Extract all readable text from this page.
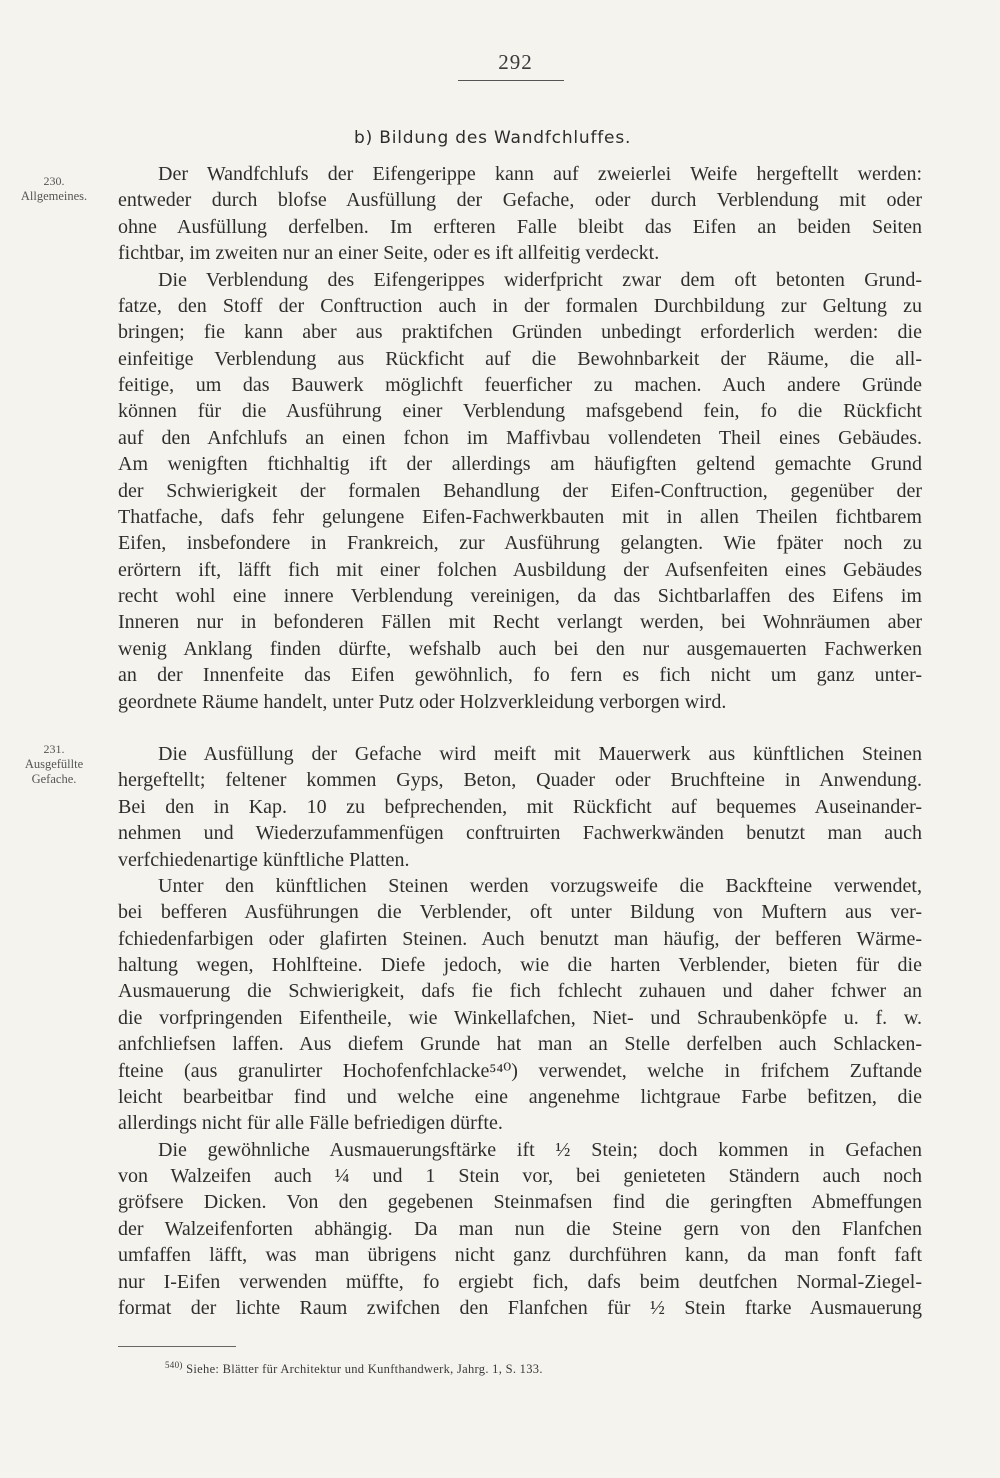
292
b) Bildung des Wandfchluffes.
230.
Allgemeines.
231.
Ausgefüllte
Gefache.
Der Wandfchlufs der Eifengerippe kann auf zweierlei Weife hergeftellt werden:
entweder durch blofse Ausfüllung der Gefache, oder durch Verblendung mit oder
ohne Ausfüllung derfelben. Im erfteren Falle bleibt das Eifen an beiden Seiten
fichtbar, im zweiten nur an einer Seite, oder es ift allfeitig verdeckt.
Die Verblendung des Eifengerippes widerfpricht zwar dem oft betonten Grund-
fatze, den Stoff der Conftruction auch in der formalen Durchbildung zur Geltung zu
bringen; fie kann aber aus praktifchen Gründen unbedingt erforderlich werden: die
einfeitige Verblendung aus Rückficht auf die Bewohnbarkeit der Räume, die all-
feitige, um das Bauwerk möglichft feuerficher zu machen. Auch andere Gründe
können für die Ausführung einer Verblendung mafsgebend fein, fo die Rückficht
auf den Anfchlufs an einen fchon im Maffivbau vollendeten Theil eines Gebäudes.
Am wenigften ftichhaltig ift der allerdings am häufigften geltend gemachte Grund
der Schwierigkeit der formalen Behandlung der Eifen-Conftruction, gegenüber der
Thatfache, dafs fehr gelungene Eifen-Fachwerkbauten mit in allen Theilen fichtbarem
Eifen, insbefondere in Frankreich, zur Ausführung gelangten. Wie fpäter noch zu
erörtern ift, läfft fich mit einer folchen Ausbildung der Aufsenfeiten eines Gebäudes
recht wohl eine innere Verblendung vereinigen, da das Sichtbarlaffen des Eifens im
Inneren nur in befonderen Fällen mit Recht verlangt werden, bei Wohnräumen aber
wenig Anklang finden dürfte, wefshalb auch bei den nur ausgemauerten Fachwerken
an der Innenfeite das Eifen gewöhnlich, fo fern es fich nicht um ganz unter-
geordnete Räume handelt, unter Putz oder Holzverkleidung verborgen wird.
Die Ausfüllung der Gefache wird meift mit Mauerwerk aus künftlichen Steinen
hergeftellt; feltener kommen Gyps, Beton, Quader oder Bruchfteine in Anwendung.
Bei den in Kap. 10 zu befprechenden, mit Rückficht auf bequemes Auseinander-
nehmen und Wiederzufammenfügen conftruirten Fachwerkwänden benutzt man auch
verfchiedenartige künftliche Platten.
Unter den künftlichen Steinen werden vorzugsweife die Backfteine verwendet,
bei befferen Ausführungen die Verblender, oft unter Bildung von Muftern aus ver-
fchiedenfarbigen oder glafirten Steinen. Auch benutzt man häufig, der befferen Wärme-
haltung wegen, Hohlfteine. Diefe jedoch, wie die harten Verblender, bieten für die
Ausmauerung die Schwierigkeit, dafs fie fich fchlecht zuhauen und daher fchwer an
die vorfpringenden Eifentheile, wie Winkellafchen, Niet- und Schraubenköpfe u. f. w.
anfchliefsen laffen. Aus diefem Grunde hat man an Stelle derfelben auch Schlacken-
fteine (aus granulirter Hochofenfchlacke⁵⁴⁰) verwendet, welche in frifchem Zuftande
leicht bearbeitbar find und welche eine angenehme lichtgraue Farbe befitzen, die
allerdings nicht für alle Fälle befriedigen dürfte.
Die gewöhnliche Ausmauerungsftärke ift ½ Stein; doch kommen in Gefachen
von Walzeifen auch ¼ und 1 Stein vor, bei genieteten Ständern auch noch
gröfsere Dicken. Von den gegebenen Steinmafsen find die geringften Abmeffungen
der Walzeifenforten abhängig. Da man nun die Steine gern von den Flanfchen
umfaffen läfft, was man übrigens nicht ganz durchführen kann, da man fonft faft
nur I-Eifen verwenden müffte, fo ergiebt fich, dafs beim deutfchen Normal-Ziegel-
format der lichte Raum zwifchen den Flanfchen für ½ Stein ftarke Ausmauerung
$^{540)}$ Siehe: Blätter für Architektur und Kunfthandwerk, Jahrg. 1, S. 133.
